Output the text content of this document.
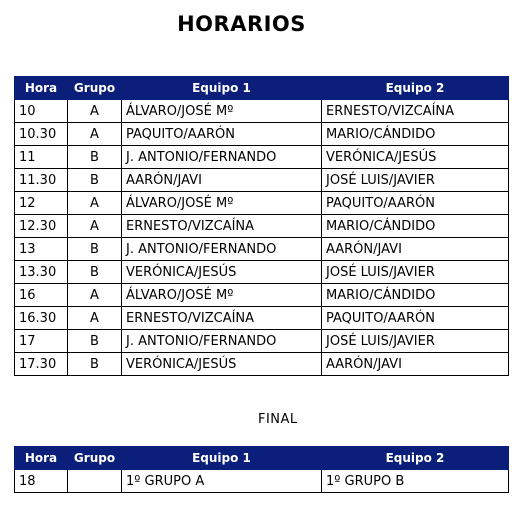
HORARIOS
Hora	Grupo	Equipo 1	Equipo 2
10	A	ÁLVARO/JOSÉ Mº	ERNESTO/VIZCAÍNA
10.30	A	PAQUITO/AARÓN	MARIO/CÁNDIDO
11	B	J. ANTONIO/FERNANDO	VERÓNICA/JESÚS
11.30	B	AARÓN/JAVI	JOSÉ LUIS/JAVIER
12	A	ÁLVARO/JOSÉ Mº	PAQUITO/AARÓN
12.30	A	ERNESTO/VIZCAÍNA	MARIO/CÁNDIDO
13	B	J. ANTONIO/FERNANDO	AARÓN/JAVI
13.30	B	VERÓNICA/JESÚS	JOSÉ LUIS/JAVIER
16	A	ÁLVARO/JOSÉ Mº	MARIO/CÁNDIDO
16.30	A	ERNESTO/VIZCAÍNA	PAQUITO/AARÓN
17	B	J. ANTONIO/FERNANDO	JOSÉ LUIS/JAVIER
17.30	B	VERÓNICA/JESÚS	AARÓN/JAVI
FINAL
Hora	Grupo	Equipo 1	Equipo 2
18		1º GRUPO A	1º GRUPO B
